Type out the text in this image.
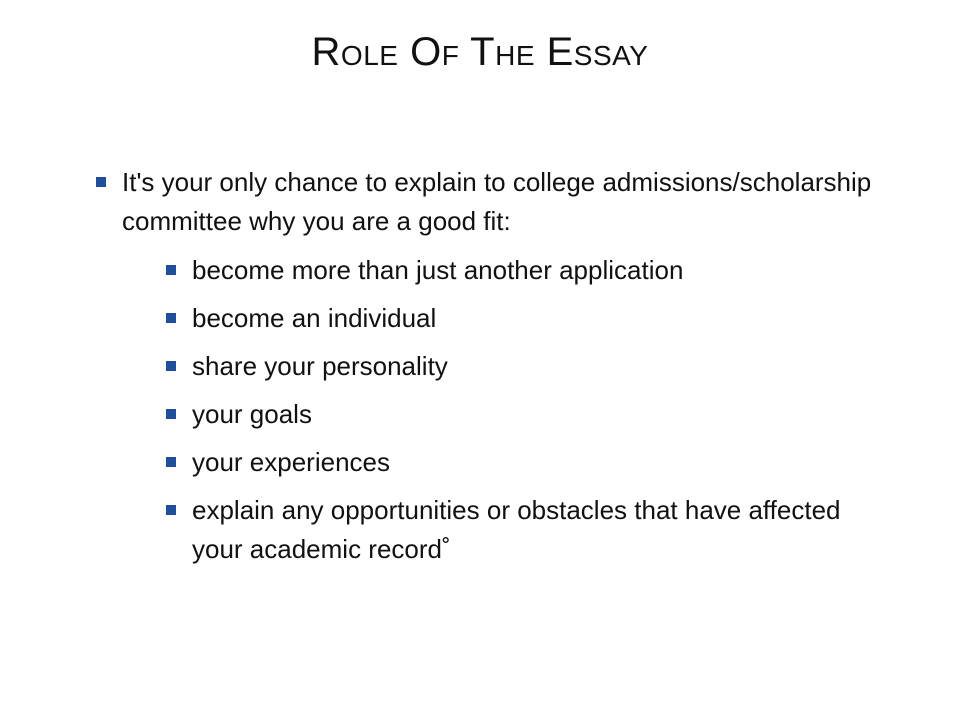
Role Of The Essay
It's your only chance to explain to college admissions/scholarship committee why you are a good fit:
become more than just another application
become an individual
share your personality
your goals
your experiences
explain any opportunities or obstacles that have affected your academic record˚
